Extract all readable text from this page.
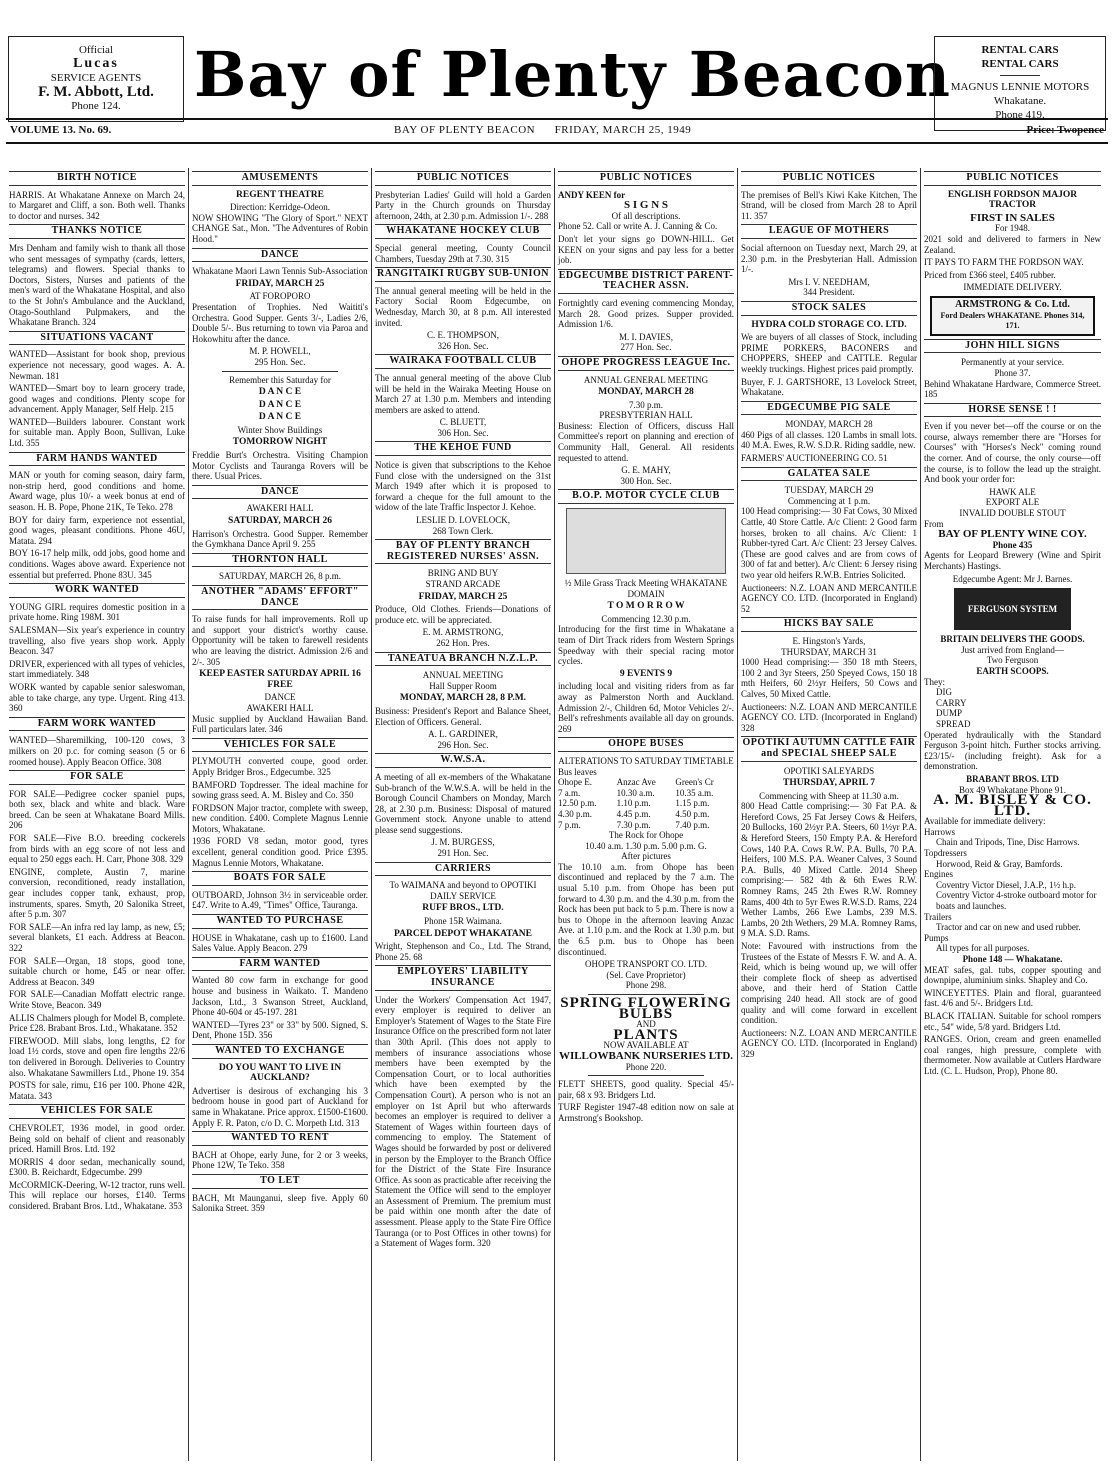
Official
Lucas
SERVICE AGENTS
F. M. Abbott, Ltd.
Phone 124.	Bay of Plenty Beacon	RENTAL CARS
RENTAL CARS
MAGNUS LENNIE MOTORS
Whakatane.
Phone 419.
VOLUME 13. No. 69.	BAY OF PLENTY BEACON FRIDAY, MARCH 25, 1949	Price: Twopence
BIRTH NOTICE

HARRIS. At Whakatane Annexe on March 24, to Margaret and Cliff, a son. Both well. Thanks to doctor and nurses. 342

THANKS NOTICE

Mrs Denham and family wish to thank all those who sent messages of sympathy (cards, letters, telegrams) and flowers. Special thanks to Doctors, Sisters, Nurses and patients of the men's ward of the Whakatane Hospital, and also to the St John's Ambulance and the Auckland, Otago-Southland Pulpmakers, and the Whakatane Branch. 324

SITUATIONS VACANT

WANTED—Assistant for book shop, previous experience not necessary, good wages. A. A. Newman. 181

WANTED—Smart boy to learn grocery trade, good wages and conditions. Plenty scope for advancement. Apply Manager, Self Help. 215

WANTED—Builders labourer. Constant work for suitable man. Apply Boon, Sullivan, Luke Ltd. 355

FARM HANDS WANTED

MAN or youth for coming season, dairy farm, non-strip herd, good conditions and home. Award wage, plus 10/- a week bonus at end of season. H. B. Pope, Phone 21K, Te Teko. 278

BOY for dairy farm, experience not essential, good wages, pleasant conditions. Phone 46U, Matata. 294

BOY 16-17 help milk, odd jobs, good home and conditions. Wages above award. Experience not essential but preferred. Phone 83U. 345

WORK WANTED

YOUNG GIRL requires domestic position in a private home. Ring 198M. 301

SALESMAN—Six year's experience in country travelling, also five years shop work. Apply Beacon. 347

DRIVER, experienced with all types of vehicles, start immediately. 348

WORK wanted by capable senior saleswoman, able to take charge, any type. Urgent. Ring 413. 360

FARM WORK WANTED

WANTED—Sharemilking, 100-120 cows, 3 milkers on 20 p.c. for coming season (5 or 6 roomed house). Apply Beacon Office. 308

FOR SALE

FOR SALE—Pedigree cocker spaniel pups, both sex, black and white and black. Ware breed. Can be seen at Whakatane Board Mills. 206

FOR SALE—Five B.O. breeding cockerels from birds with an egg score of not less and equal to 250 eggs each. H. Carr, Phone 308. 329

ENGINE, complete, Austin 7, marine conversion, reconditioned, ready installation, gear includes copper tank, exhaust, prop, instruments, spares. Smyth, 20 Salonika Street, after 5 p.m. 307

FOR SALE—An infra red lay lamp, as new, £5; several blankets, £1 each. Address at Beacon. 322

FOR SALE—Organ, 18 stops, good tone, suitable church or home, £45 or near offer. Address at Beacon. 349

FOR SALE—Canadian Moffatt electric range. Write Stove, Beacon. 349

ALLIS Chalmers plough for Model B, complete. Price £28. Brabant Bros. Ltd., Whakatane. 352

FIREWOOD. Mill slabs, long lengths, £2 for load 1½ cords, stove and open fire lengths 22/6 ton delivered in Borough. Deliveries to Country also. Whakatane Sawmillers Ltd., Phone 19. 354

POSTS for sale, rimu, £16 per 100. Phone 42R, Matata. 343

VEHICLES FOR SALE

CHEVROLET, 1936 model, in good order. Being sold on behalf of client and reasonably priced. Hamill Bros. Ltd. 192

MORRIS 4 door sedan, mechanically sound, £300. B. Reichardt, Edgecumbe. 299

McCORMICK-Deering, W-12 tractor, runs well. This will replace our horses, £140. Terms considered. Brabant Bros. Ltd., Whakatane. 353

AMUSEMENTS
REGENT THEATRE
Direction: Kerridge-Odeon.

NOW SHOWING "The Glory of Sport." NEXT CHANGE Sat., Mon. "The Adventures of Robin Hood."

DANCE
Whakatane Maori Lawn Tennis Sub-Association
FRIDAY, MARCH 25
AT FOROPORO

Presentation of Trophies. Ned Waititi's Orchestra. Good Supper. Gents 3/-, Ladies 2/6, Double 5/-. Bus returning to town via Paroa and Hokowhitu after the dance.

M. P. HOWELL,
295 Hon. Sec.
Remember this Saturday for
D A N C E
D A N C E
D A N C E
Winter Show Buildings
TOMORROW NIGHT

Freddie Burt's Orchestra. Visiting Champion Motor Cyclists and Tauranga Rovers will be there. Usual Prices.

DANCE
AWAKERI HALL
SATURDAY, MARCH 26

Harrison's Orchestra. Good Supper. Remember the Gymkhana Dance April 9. 255

THORNTON HALL
SATURDAY, MARCH 26, 8 p.m.
ANOTHER "ADAMS' EFFORT" DANCE

To raise funds for hall improvements. Roll up and support your district's worthy cause. Opportunity will be taken to farewell residents who are leaving the district. Admission 2/6 and 2/-. 305

KEEP EASTER SATURDAY APRIL 16 FREE
DANCE
AWAKERI HALL

Music supplied by Auckland Hawaiian Band. Full particulars later. 346

VEHICLES FOR SALE

PLYMOUTH converted coupe, good order. Apply Bridger Bros., Edgecumbe. 325

BAMFORD Topdresser. The ideal machine for sowing grass seed. A. M. Bisley and Co. 350

FORDSON Major tractor, complete with sweep, new condition. £400. Complete Magnus Lennie Motors, Whakatane.

1936 FORD V8 sedan, motor good, tyres excellent, general condition good. Price £395. Magnus Lennie Motors, Whakatane.

BOATS FOR SALE

OUTBOARD, Johnson 3½ in serviceable order. £47. Write to A.49, "Times" Office, Tauranga.

WANTED TO PURCHASE

HOUSE in Whakatane, cash up to £1600. Land Sales Value. Apply Beacon. 279

FARM WANTED

Wanted 80 cow farm in exchange for good house and business in Waikato. T. Mandeno Jackson, Ltd., 3 Swanson Street, Auckland, Phone 40-604 or 45-197. 281

WANTED—Tyres 23" or 33" by 500. Signed, S. Dent, Phone 15D. 356

WANTED TO EXCHANGE
DO YOU WANT TO LIVE IN AUCKLAND?

Advertiser is desirous of exchanging his 3 bedroom house in good part of Auckland for same in Whakatane. Price approx. £1500-£1600. Apply F. R. Paton, c/o D. C. Morpeth Ltd. 313

WANTED TO RENT

BACH at Ohope, early June, for 2 or 3 weeks, Phone 12W, Te Teko. 358

TO LET

BACH, Mt Maunganui, sleep five. Apply 60 Salonika Street. 359

PUBLIC NOTICES

Presbyterian Ladies' Guild will hold a Garden Party in the Church grounds on Thursday afternoon, 24th, at 2.30 p.m. Admission 1/-. 288

WHAKATANE HOCKEY CLUB

Special general meeting, County Council Chambers, Tuesday 29th at 7.30. 315

RANGITAIKI RUGBY SUB-UNION

The annual general meeting will be held in the Factory Social Room Edgecumbe, on Wednesday, March 30, at 8 p.m. All interested invited.

C. E. THOMPSON,
326 Hon. Sec.
WAIRAKA FOOTBALL CLUB

The annual general meeting of the above Club will be held in the Wairaka Meeting House on March 27 at 1.30 p.m. Members and intending members are asked to attend.

C. BLUETT,
306 Hon. Sec.
THE KEHOE FUND

Notice is given that subscriptions to the Kehoe Fund close with the undersigned on the 31st March 1949 after which it is proposed to forward a cheque for the full amount to the widow of the late Traffic Inspector J. Kehoe.

LESLIE D. LOVELOCK,
268 Town Clerk.
BAY OF PLENTY BRANCH REGISTERED NURSES' ASSN.
BRING AND BUY
STRAND ARCADE
FRIDAY, MARCH 25

Produce, Old Clothes. Friends—Donations of produce etc. will be appreciated.

E. M. ARMSTRONG,
262 Hon. Pres.
TANEATUA BRANCH N.Z.L.P.
ANNUAL MEETING
Hall Supper Room
MONDAY, MARCH 28, 8 P.M.

Business: President's Report and Balance Sheet, Election of Officers. General.

A. L. GARDINER,
296 Hon. Sec.
W.W.S.A.

A meeting of all ex-members of the Whakatane Sub-branch of the W.W.S.A. will be held in the Borough Council Chambers on Monday, March 28, at 2.30 p.m. Business: Disposal of matured Government stock. Anyone unable to attend please send suggestions.

J. M. BURGESS,
291 Hon. Sec.
CARRIERS
To WAIMANA and beyond to OPOTIKI
DAILY SERVICE
RUFF BROS., LTD.
Phone 15R Waimana.
PARCEL DEPOT WHAKATANE

Wright, Stephenson and Co., Ltd. The Strand, Phone 25. 68

EMPLOYERS' LIABILITY INSURANCE

Under the Workers' Compensation Act 1947, every employer is required to deliver an Employer's Statement of Wages to the State Fire Insurance Office on the prescribed form not later than 30th April. (This does not apply to members of insurance associations whose members have been exempted by the Compensation Court, or to local authorities which have been exempted by the Compensation Court). A person who is not an employer on 1st April but who afterwards becomes an employer is required to deliver a Statement of Wages within fourteen days of commencing to employ. The Statement of Wages should be forwarded by post or delivered in person by the Employer to the Branch Office for the District of the State Fire Insurance Office. As soon as practicable after receiving the Statement the Office will send to the employer an Assessment of Premium. The premium must be paid within one month after the date of assessment. Please apply to the State Fire Office Tauranga (or to Post Offices in other towns) for a Statement of Wages form. 320

PUBLIC NOTICES
ANDY KEEN for
S I G N S
Of all descriptions.

Phone 52. Call or write A. J. Canning & Co.

Don't let your signs go DOWN-HILL. Get KEEN on your signs and pay less for a better job.

EDGECUMBE DISTRICT PARENT-TEACHER ASSN.

Fortnightly card evening commencing Monday, March 28. Good prizes. Supper provided. Admission 1/6.

M. I. DAVIES,
277 Hon. Sec.
OHOPE PROGRESS LEAGUE Inc.
ANNUAL GENERAL MEETING
MONDAY, MARCH 28
7.30 p.m.
PRESBYTERIAN HALL

Business: Election of Officers, discuss Hall Committee's report on planning and erection of Community Hall, General. All residents requested to attend.

G. E. MAHY,
300 Hon. Sec.
B.O.P. MOTOR CYCLE CLUB
½ Mile Grass Track Meeting WHAKATANE DOMAIN
T O M O R R O W
Commencing 12.30 p.m.

Introducing for the first time in Whakatane a team of Dirt Track riders from Western Springs Speedway with their special racing motor cycles.

9 EVENTS 9

including local and visiting riders from as far away as Palmerston North and Auckland. Admission 2/-, Children 6d, Motor Vehicles 2/-. Bell's refreshments available all day on grounds. 269

OHOPE BUSES
ALTERATIONS TO SATURDAY TIMETABLE
Bus leaves
Ohope E.	Anzac Ave	Green's Cr
7 a.m.	10.30 a.m.	10.35 a.m.
12.50 p.m.	1.10 p.m.	1.15 p.m.
4.30 p.m.	4.45 p.m.	4.50 p.m.
7 p.m.	7.30 p.m.	7.40 p.m.
The Rock for Ohope
10.40 a.m. 1.30 p.m. 5.00 p.m. G.
After pictures

The 10.10 a.m. from Ohope has been discontinued and replaced by the 7 a.m. The usual 5.10 p.m. from Ohope has been put forward to 4.30 p.m. and the 4.30 p.m. from the Rock has been put back to 5 p.m. There is now a bus to Ohope in the afternoon leaving Anzac Ave. at 1.10 p.m. and the Rock at 1.30 p.m. but the 6.5 p.m. bus to Ohope has been discontinued.

OHOPE TRANSPORT CO. LTD.
(Sel. Cave Proprietor)
Phone 298.
SPRING FLOWERING BULBS
AND
PLANTS
NOW AVAILABLE AT
WILLOWBANK NURSERIES LTD.
Phone 220.

FLETT SHEETS, good quality. Special 45/- pair, 68 x 93. Bridgers Ltd.

TURF Register 1947-48 edition now on sale at Armstrong's Bookshop.

PUBLIC NOTICES

The premises of Bell's Kiwi Kake Kitchen, The Strand, will be closed from March 28 to April 11. 357

LEAGUE OF MOTHERS

Social afternoon on Tuesday next, March 29, at 2.30 p.m. in the Presbyterian Hall. Admission 1/-.

Mrs I. V. NEEDHAM,
344 President.
STOCK SALES
HYDRA COLD STORAGE CO. LTD.

We are buyers of all classes of Stock, including PRIME PORKERS, BACONERS and CHOPPERS, SHEEP and CATTLE. Regular weekly truckings. Highest prices paid promptly.

Buyer, F. J. GARTSHORE, 13 Lovelock Street, Whakatane.

EDGECUMBE PIG SALE
MONDAY, MARCH 28

460 Pigs of all classes. 120 Lambs in small lots. 40 M.A. Ewes, R.W. S.D.R. Riding saddle, new.

FARMERS' AUCTIONEERING CO. 51
GALATEA SALE
TUESDAY, MARCH 29
Commencing at 1 p.m.

100 Head comprising:— 30 Fat Cows, 30 Mixed Cattle, 40 Store Cattle. A/c Client: 2 Good farm horses, broken to all chains. A/c Client: 1 Rubber-tyred Cart. A/c Client: 23 Jersey Calves. (These are good calves and are from cows of 300 of fat and better). A/c Client: 6 Jersey rising two year old heifers R.W.B. Entries Solicited.

Auctioneers: N.Z. LOAN AND MERCANTILE AGENCY CO. LTD. (Incorporated in England) 52

HICKS BAY SALE
E. Hingston's Yards,
THURSDAY, MARCH 31

1000 Head comprising:— 350 18 mth Steers, 100 2 and 3yr Steers, 250 Speyed Cows, 150 18 mth Heifers, 60 2½yr Heifers, 50 Cows and Calves, 50 Mixed Cattle.

Auctioneers: N.Z. LOAN AND MERCANTILE AGENCY CO. LTD. (Incorporated in England) 328

OPOTIKI AUTUMN CATTLE FAIR and SPECIAL SHEEP SALE
OPOTIKI SALEYARDS
THURSDAY, APRIL 7
Commencing with Sheep at 11.30 a.m.

800 Head Cattle comprising:— 30 Fat P.A. & Hereford Cows, 25 Fat Jersey Cows & Heifers, 20 Bullocks, 160 2½yr P.A. Steers, 60 1½yr P.A. & Hereford Steers, 150 Empty P.A. & Hereford Cows, 140 P.A. Cows R.W. P.A. Bulls, 70 P.A. Heifers, 100 M.S. P.A. Weaner Calves, 3 Sound P.A. Bulls, 40 Mixed Cattle. 2014 Sheep comprising:— 582 4th & 6th Ewes R.W. Romney Rams, 245 2th Ewes R.W. Romney Rams, 400 4th to 5yr Ewes R.W.S.D. Rams, 224 Wether Lambs, 266 Ewe Lambs, 239 M.S. Lambs, 20 2th Wethers, 29 M.A. Romney Rams, 9 M.A. S.D. Rams.

Note: Favoured with instructions from the Trustees of the Estate of Messrs F. W. and A. A. Reid, which is being wound up, we will offer their complete flock of sheep as advertised above, and their herd of Station Cattle comprising 240 head. All stock are of good quality and will come forward in excellent condition.

Auctioneers: N.Z. LOAN AND MERCANTILE AGENCY CO. LTD. (Incorporated in England) 329

PUBLIC NOTICES
ENGLISH FORDSON MAJOR TRACTOR
FIRST IN SALES
For 1948.

2021 sold and delivered to farmers in New Zealand.

IT PAYS TO FARM THE FORDSON WAY.

Priced from £366 steel, £405 rubber.

IMMEDIATE DELIVERY.
ARMSTRONG & Co. Ltd.
Ford Dealers WHAKATANE. Phones 314, 171.
JOHN HILL SIGNS
Permanently at your service.
Phone 37.

Behind Whakatane Hardware, Commerce Street. 185

HORSE SENSE ! !

Even if you never bet—off the course or on the course, always remember there are "Horses for Courses" with "Horses's Neck" coming round the corner. And of course, the only course—off the course, is to follow the lead up the straight. And book your order for:

HAWK ALE
EXPORT ALE
INVALID DOUBLE STOUT
From
BAY OF PLENTY WINE COY.
Phone 435

Agents for Leopard Brewery (Wine and Spirit Merchants) Hastings.

Edgecumbe Agent: Mr J. Barnes.
FERGUSON SYSTEM
BRITAIN DELIVERS THE GOODS.
Just arrived from England—
Two Ferguson
EARTH SCOOPS.
They:
DIG
CARRY
DUMP
SPREAD

Operated hydraulically with the Standard Ferguson 3-point hitch. Further stocks arriving. £23/15/- (including freight). Ask for a demonstration.

BRABANT BROS. LTD
Box 49 Whakatane Phone 91.
A. M. BISLEY & CO. LTD.
Available for immediate delivery:
Harrows
Chain and Tripods, Tine, Disc Harrows.
Topdressers
Horwood, Reid & Gray, Bamfords.
Engines
Coventry Victor Diesel, J.A.P., 1½ h.p. Coventry Victor 4-stroke outboard motor for boats and launches.
Trailers
Tractor and car on new and used rubber.
Pumps
All types for all purposes.
Phone 148 — Whakatane.

MEAT safes, gal. tubs, copper spouting and downpipe, aluminium sinks. Shapley and Co.

WINCEYETTES. Plain and floral, guaranteed fast. 4/6 and 5/-. Bridgers Ltd.

BLACK ITALIAN. Suitable for school rompers etc., 54" wide, 5/8 yard. Bridgers Ltd.

RANGES. Orion, cream and green enamelled coal ranges, high pressure, complete with thermometer. Now available at Cutlers Hardware Ltd. (C. L. Hudson, Prop), Phone 80.
